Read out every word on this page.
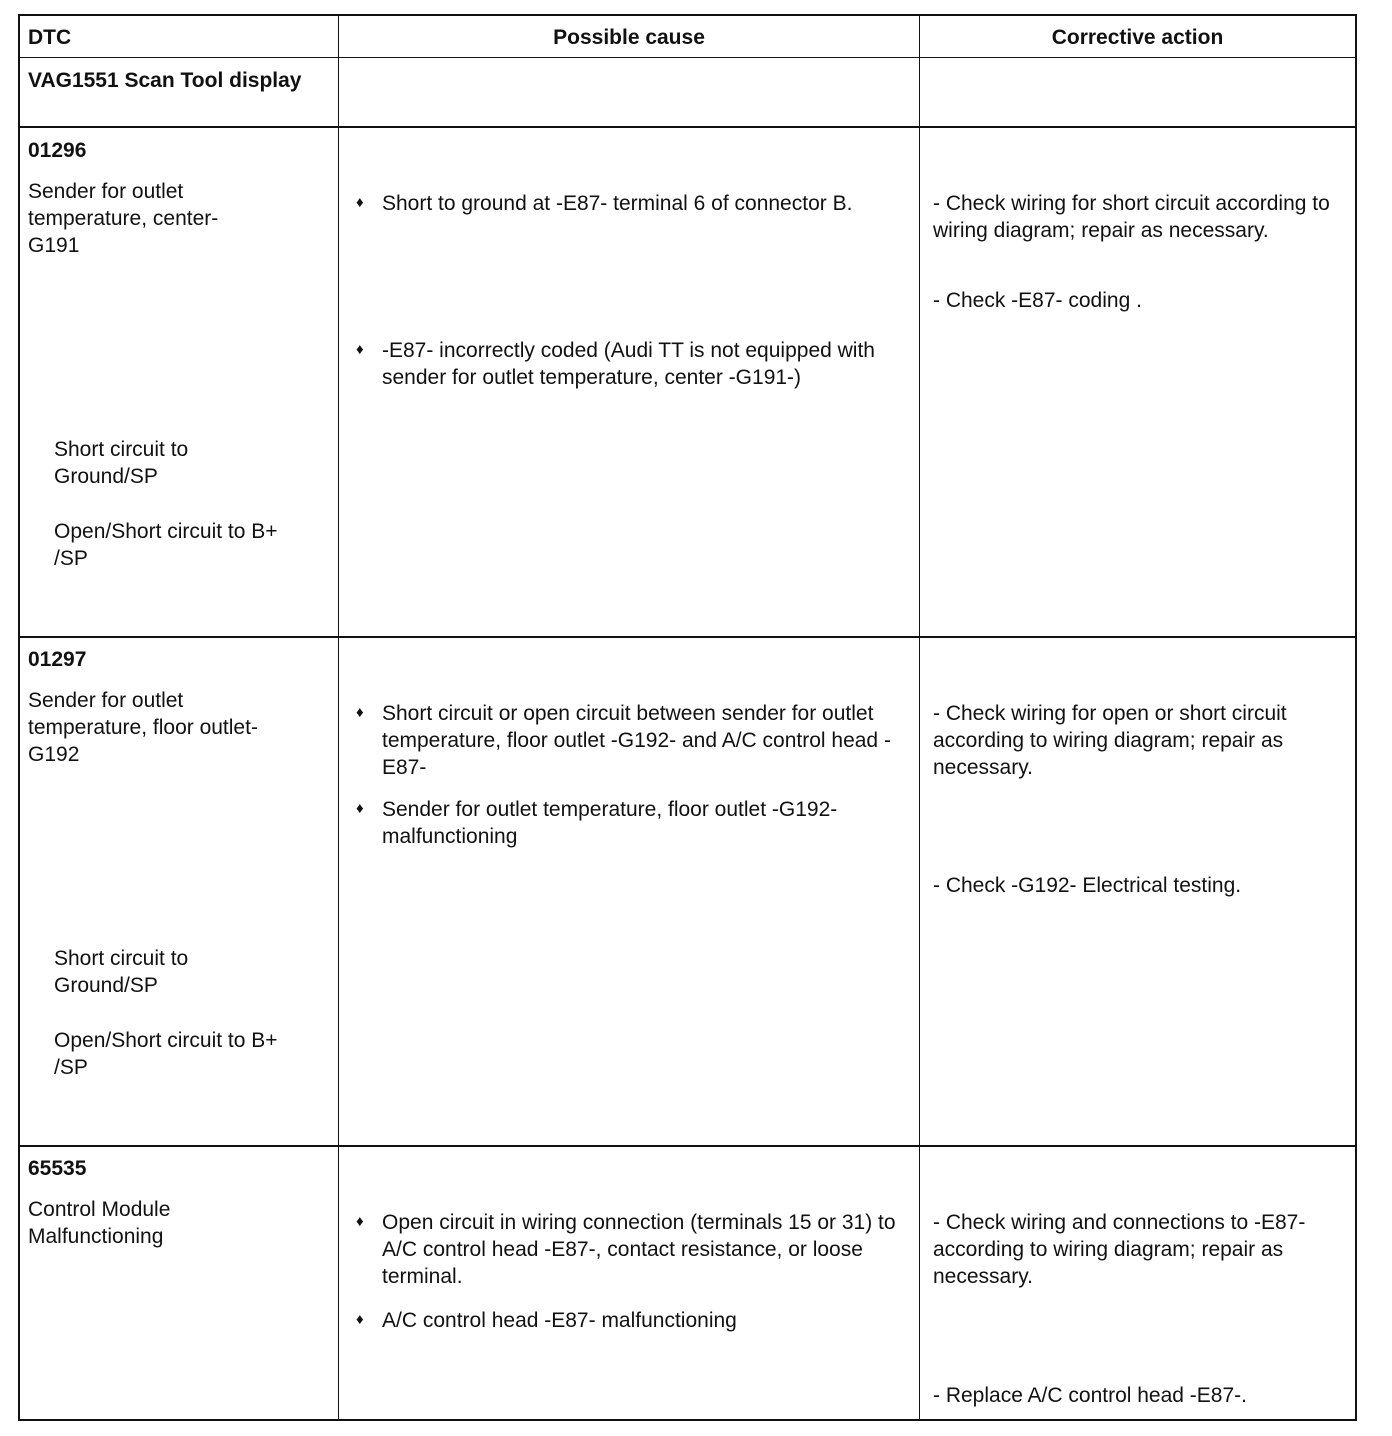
DTC
VAG1551 Scan Tool display
Possible cause	Corrective action
01296
Sender for outlet temperature, center-G191
Short circuit to Ground/SP
Open/Short circuit to B+ /SP
♦ Short to ground at -E87- terminal 6 of connector B.
♦ -E87- incorrectly coded (Audi TT is not equipped with sender for outlet temperature, center -G191-)
- Check wiring for short circuit according to wiring diagram; repair as necessary.
- Check -E87- coding .
01297
Sender for outlet temperature, floor outlet-G192
Short circuit to Ground/SP
Open/Short circuit to B+ /SP
♦ Short circuit or open circuit between sender for outlet temperature, floor outlet -G192- and A/C control head -E87-
♦ Sender for outlet temperature, floor outlet -G192- malfunctioning
- Check wiring for open or short circuit according to wiring diagram; repair as necessary.
- Check -G192- Electrical testing.
65535
Control Module Malfunctioning
♦ Open circuit in wiring connection (terminals 15 or 31) to A/C control head -E87-, contact resistance, or loose terminal.
♦ A/C control head -E87- malfunctioning
- Check wiring and connections to -E87- according to wiring diagram; repair as necessary.
- Replace A/C control head -E87-.
